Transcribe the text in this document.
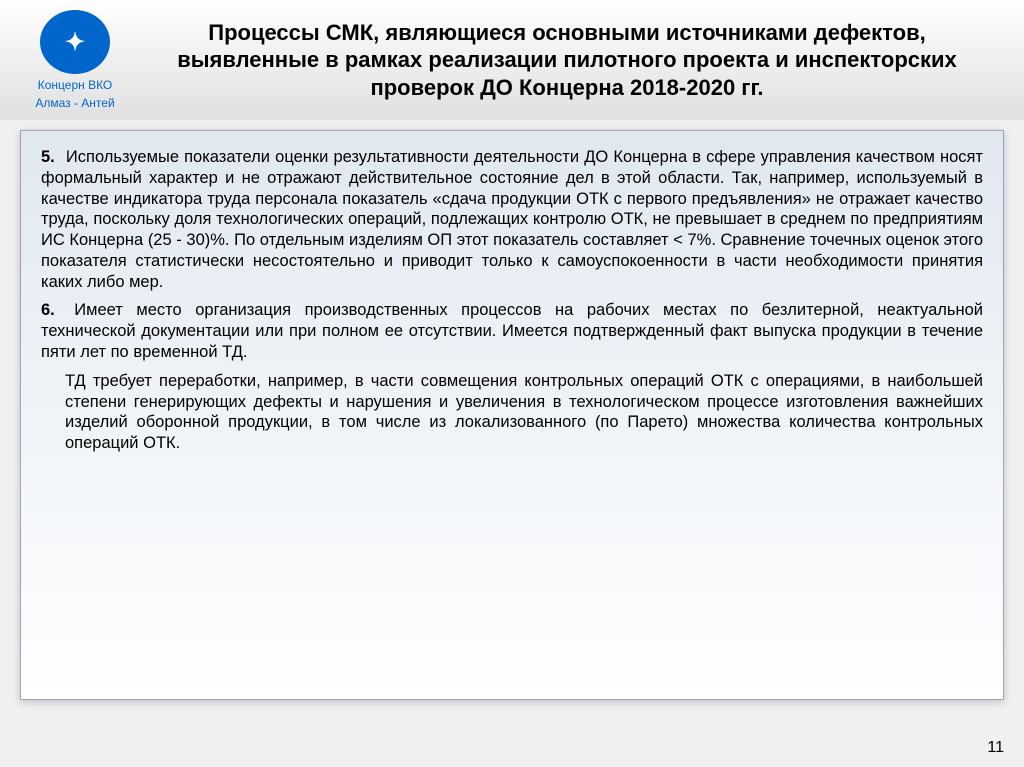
✦
Концерн ВКО
Алмаз - Антей
Процессы СМК, являющиеся основными источниками дефектов, выявленные в рамках реализации пилотного проекта и инспекторских проверок ДО Концерна 2018-2020 гг.
5. Используемые показатели оценки результативности деятельности ДО Концерна в сфере управления качеством носят формальный характер и не отражают действительное состояние дел в этой области. Так, например, используемый в качестве индикатора труда персонала показатель «сдача продукции ОТК с первого предъявления» не отражает качество труда, поскольку доля технологических операций, подлежащих контролю ОТК, не превышает в среднем по предприятиям ИС Концерна (25 - 30)%. По отдельным изделиям ОП этот показатель составляет < 7%. Сравнение точечных оценок этого показателя статистически несостоятельно и приводит только к самоуспокоенности в части необходимости принятия каких либо мер.
6. Имеет место организация производственных процессов на рабочих местах по безлитерной, неактуальной технической документации или при полном ее отсутствии. Имеется подтвержденный факт выпуска продукции в течение пяти лет по временной ТД.
ТД требует переработки, например, в части совмещения контрольных операций ОТК с операциями, в наибольшей степени генерирующих дефекты и нарушения и увеличения в технологическом процессе изготовления важнейших изделий оборонной продукции, в том числе из локализованного (по Парето) множества количества контрольных операций ОТК.
11
